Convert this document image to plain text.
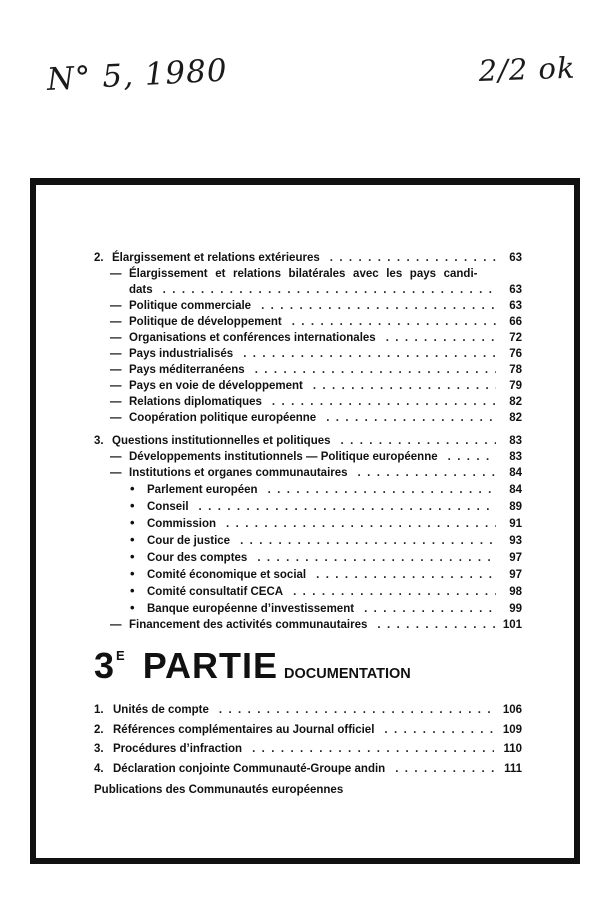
N° 5, 1980	2/2 ok
2. Élargissement et relations extérieures . . .	63
— Élargissement et relations bilatérales avec les pays candi-
dats . . .	63
— Politique commerciale . . .	63
— Politique de développement . . .	66
— Organisations et conférences internationales . . .	72
— Pays industrialisés . . .	76
— Pays méditerranéens . . .	78
— Pays en voie de développement . . .	79
— Relations diplomatiques . . .	82
— Coopération politique européenne . . .	82
3. Questions institutionnelles et politiques . . .	83
— Développements institutionnels — Politique européenne . . .	83
— Institutions et organes communautaires . . .	84
•	Parlement européen . . .	84
•	Conseil . . .	89
•	Commission . . .	91
•	Cour de justice . . .	93
•	Cour des comptes . . .	97
•	Comité économique et social . . .	97
•	Comité consultatif CECA . . .	98
•	Banque européenne d’investissement . . .	99
— Financement des activités communautaires . . .	101
3 E PARTIE DOCUMENTATION
1. Unités de compte . . .	106
2. Références complémentaires au Journal officiel . . .	109
3. Procédures d’infraction . . .	110
4. Déclaration conjointe Communauté-Groupe andin . . .	111
Publications des Communautés européennes
